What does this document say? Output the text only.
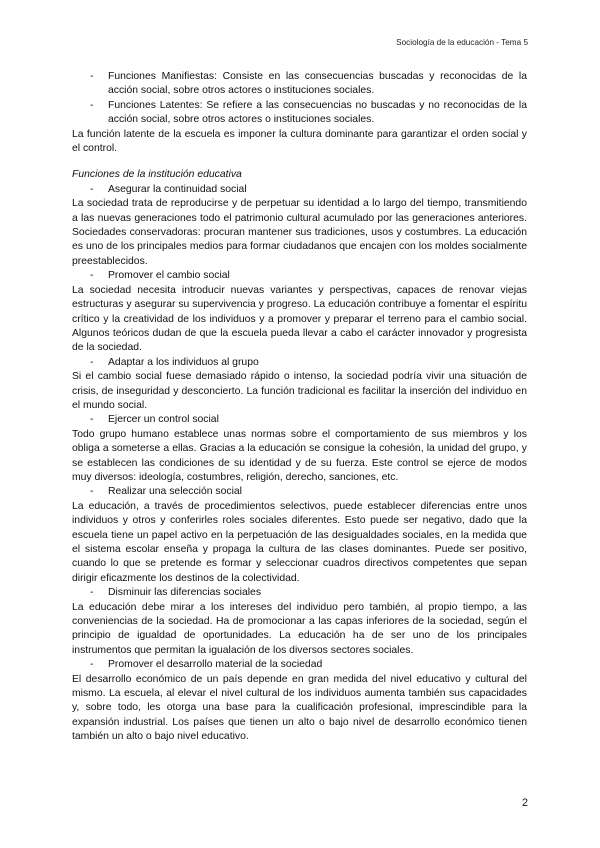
Sociología de la educación - Tema 5
- Funciones Manifiestas: Consiste en las consecuencias buscadas y reconocidas de la acción social, sobre otros actores o instituciones sociales.
- Funciones Latentes: Se refiere a las consecuencias no buscadas y no reconocidas de la acción social, sobre otros actores o instituciones sociales.

La función latente de la escuela es imponer la cultura dominante para garantizar el orden social y el control.

Funciones de la institución educativa
- Asegurar la continuidad social

La sociedad trata de reproducirse y de perpetuar su identidad a lo largo del tiempo, transmitiendo a las nuevas generaciones todo el patrimonio cultural acumulado por las generaciones anteriores. Sociedades conservadoras: procuran mantener sus tradiciones, usos y costumbres. La educación es uno de los principales medios para formar ciudadanos que encajen con los moldes socialmente preestablecidos.

- Promover el cambio social

La sociedad necesita introducir nuevas variantes y perspectivas, capaces de renovar viejas estructuras y asegurar su supervivencia y progreso. La educación contribuye a fomentar el espíritu crítico y la creatividad de los individuos y a promover y preparar el terreno para el cambio social. Algunos teóricos dudan de que la escuela pueda llevar a cabo el carácter innovador y progresista de la sociedad.

- Adaptar a los individuos al grupo

Si el cambio social fuese demasiado rápido o intenso, la sociedad podría vivir una situación de crisis, de inseguridad y desconcierto. La función tradicional es facilitar la inserción del individuo en el mundo social.

- Ejercer un control social

Todo grupo humano establece unas normas sobre el comportamiento de sus miembros y los obliga a someterse a ellas. Gracias a la educación se consigue la cohesión, la unidad del grupo, y se establecen las condiciones de su identidad y de su fuerza. Este control se ejerce de modos muy diversos: ideología, costumbres, religión, derecho, sanciones, etc.

- Realizar una selección social

La educación, a través de procedimientos selectivos, puede establecer diferencias entre unos individuos y otros y conferirles roles sociales diferentes. Esto puede ser negativo, dado que la escuela tiene un papel activo en la perpetuación de las desigualdades sociales, en la medida que el sistema escolar enseña y propaga la cultura de las clases dominantes. Puede ser positivo, cuando lo que se pretende es formar y seleccionar cuadros directivos competentes que sepan dirigir eficazmente los destinos de la colectividad.

- Disminuir las diferencias sociales

La educación debe mirar a los intereses del individuo pero también, al propio tiempo, a las conveniencias de la sociedad. Ha de promocionar a las capas inferiores de la sociedad, según el principio de igualdad de oportunidades. La educación ha de ser uno de los principales instrumentos que permitan la igualación de los diversos sectores sociales.

- Promover el desarrollo material de la sociedad

El desarrollo económico de un país depende en gran medida del nivel educativo y cultural del mismo. La escuela, al elevar el nivel cultural de los individuos aumenta también sus capacidades y, sobre todo, les otorga una base para la cualificación profesional, imprescindible para la expansión industrial. Los países que tienen un alto o bajo nivel de desarrollo económico tienen también un alto o bajo nivel educativo.

2
